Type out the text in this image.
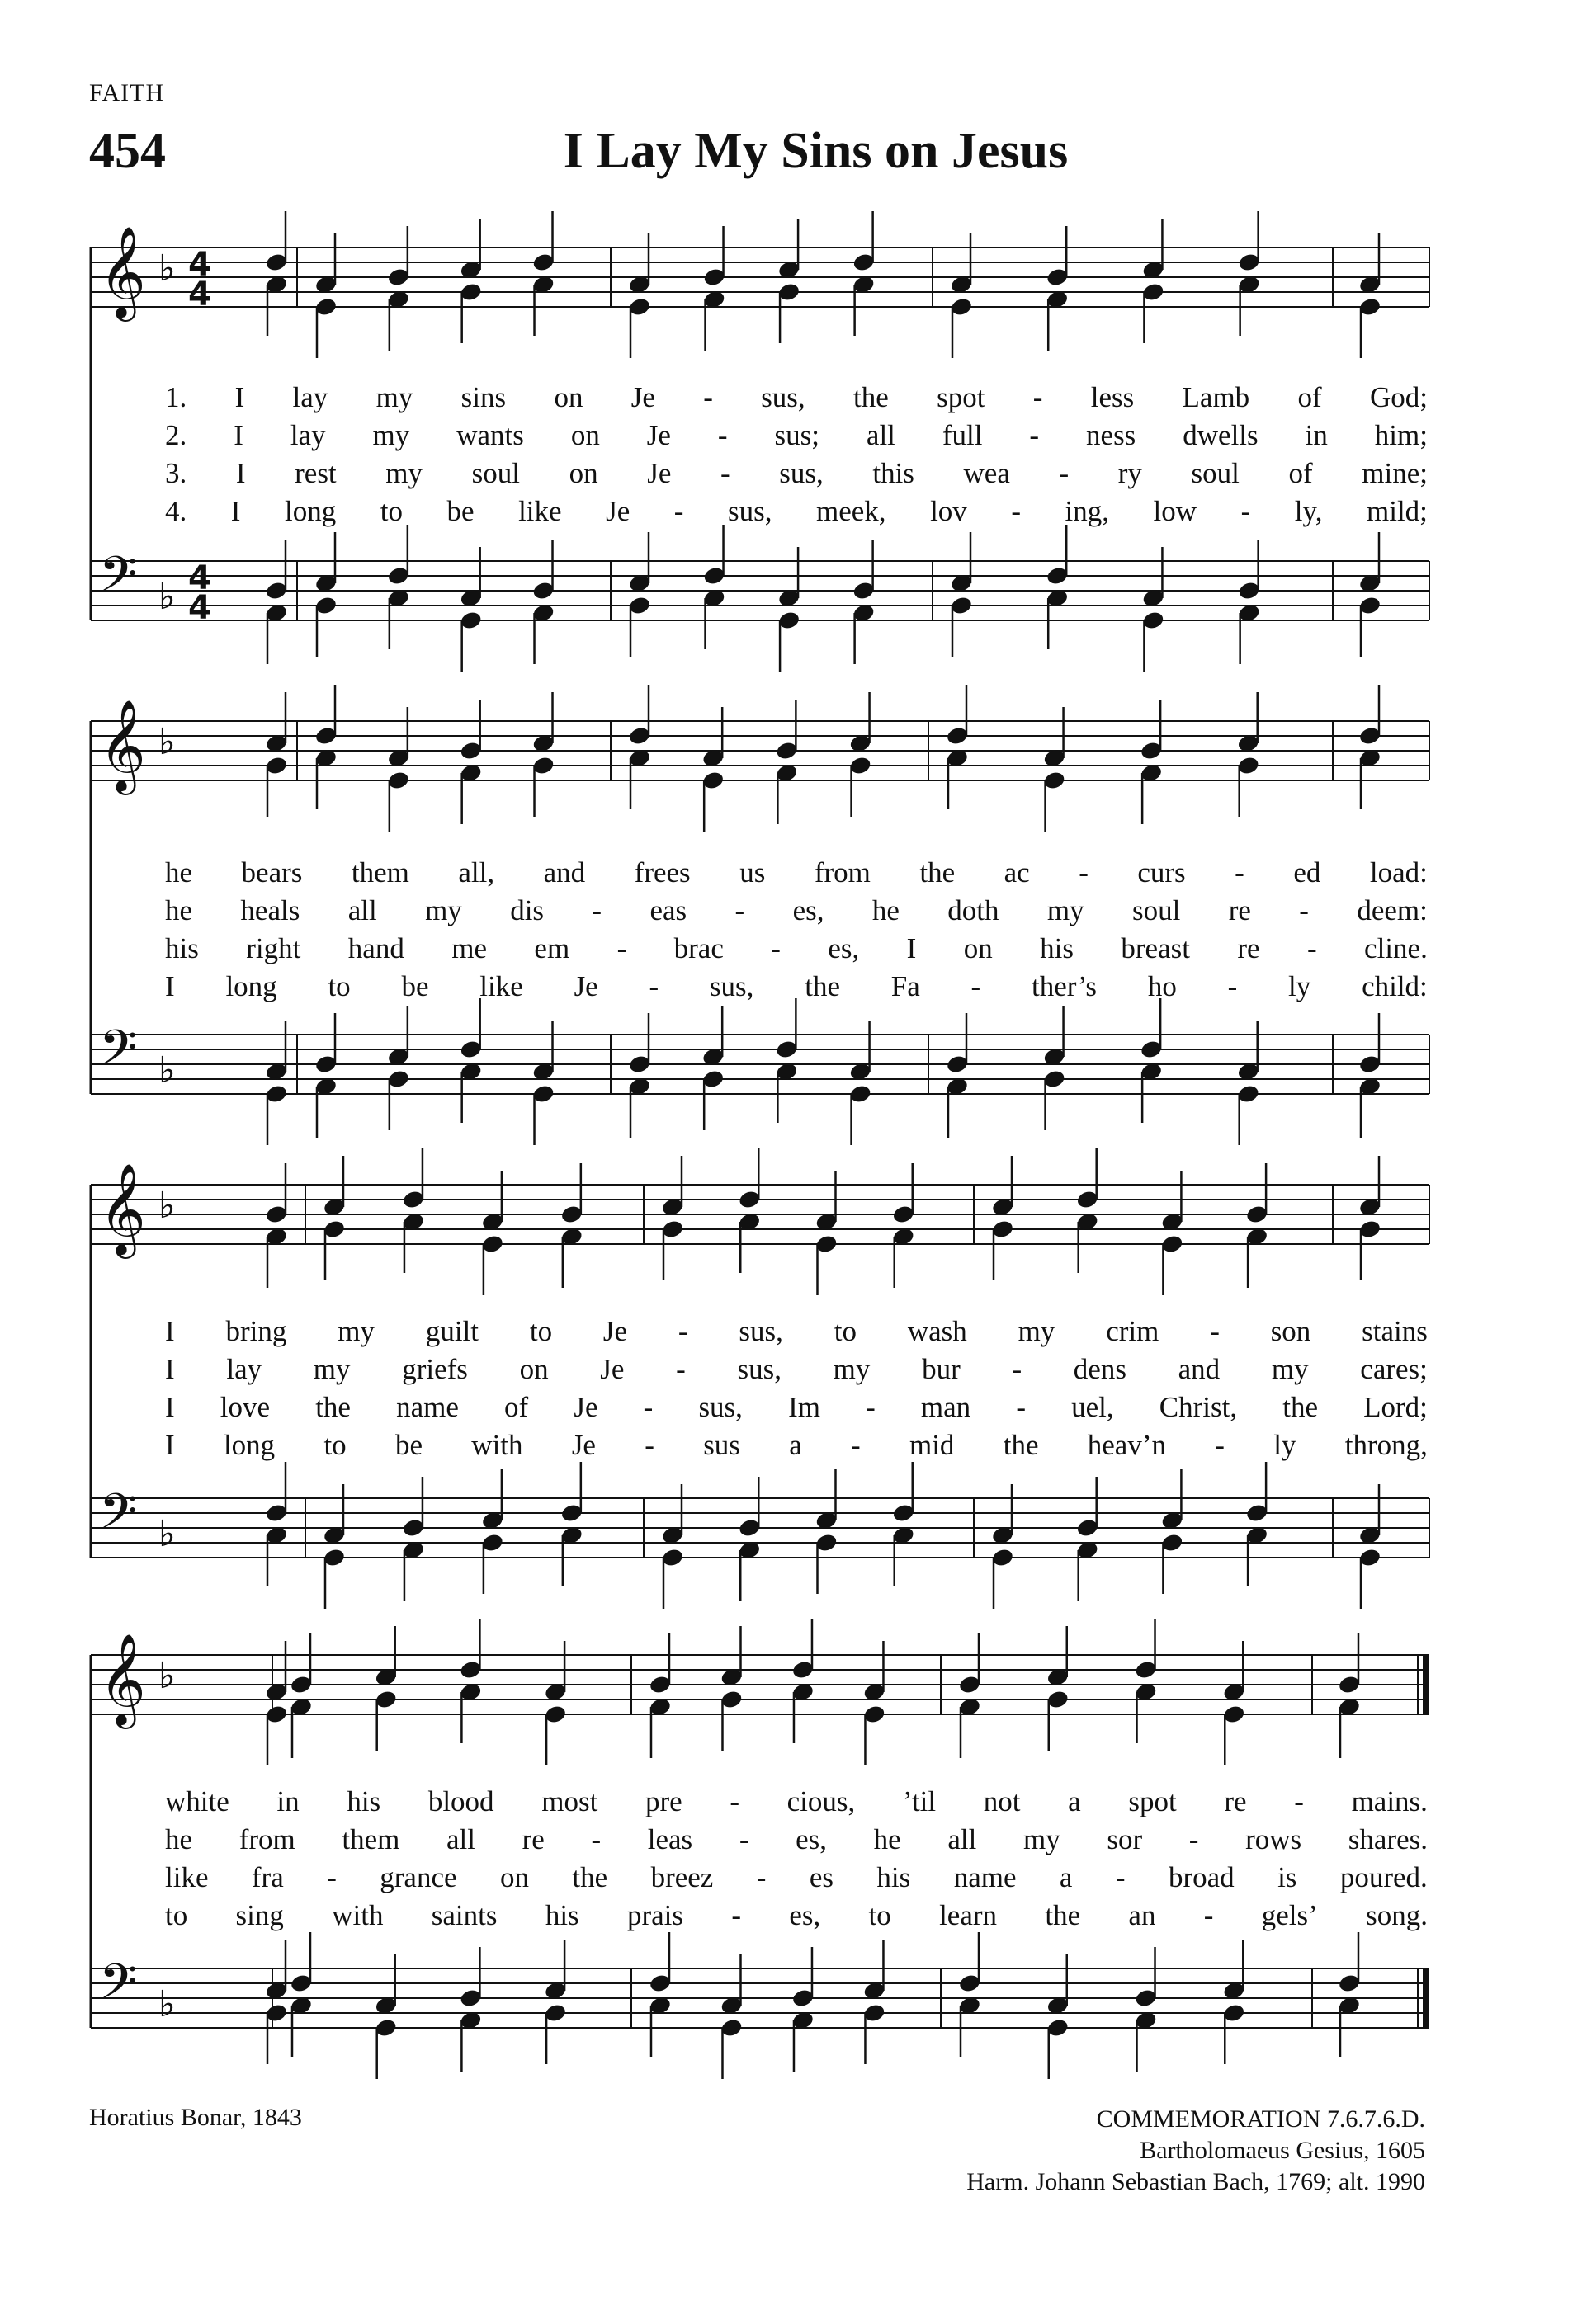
FAITH
454	I Lay My Sins on Jesus
𝄞 ♭ 4
4
𝄢 ♭ 4
4
𝄞 ♭
𝄢 ♭
𝄞 ♭
𝄢 ♭
𝄞 ♭
𝄢 ♭
1. I lay my sins on Je - sus, the spot - less Lamb of God;
2. I lay my wants on Je - sus; all full - ness dwells in him;
3. I rest my soul on Je - sus, this wea - ry soul of mine;
4. I long to be like Je - sus, meek, lov - ing, low - ly, mild;
he bears them all, and frees us from the ac - curs - ed load:
he heals all my dis - eas - es, he doth my soul re - deem:
his right hand me em - brac - es, I on his breast re - cline.
I long to be like Je - sus, the Fa - ther’s ho - ly child:
I bring my guilt to Je - sus, to wash my crim - son stains
I lay my griefs on Je - sus, my bur - dens and my cares;
I love the name of Je - sus, Im - man - uel, Christ, the Lord;
I long to be with Je - sus a - mid the heav’n - ly throng,
white in his blood most pre - cious, ’til not a spot re - mains.
he from them all re - leas - es, he all my sor - rows shares.
like fra - grance on the breez - es his name a - broad is poured.
to sing with saints his prais - es, to learn the an - gels’ song.
Horatius Bonar, 1843	COMMEMORATION 7.6.7.6.D.
Bartholomaeus Gesius, 1605
Harm. Johann Sebastian Bach, 1769; alt. 1990
